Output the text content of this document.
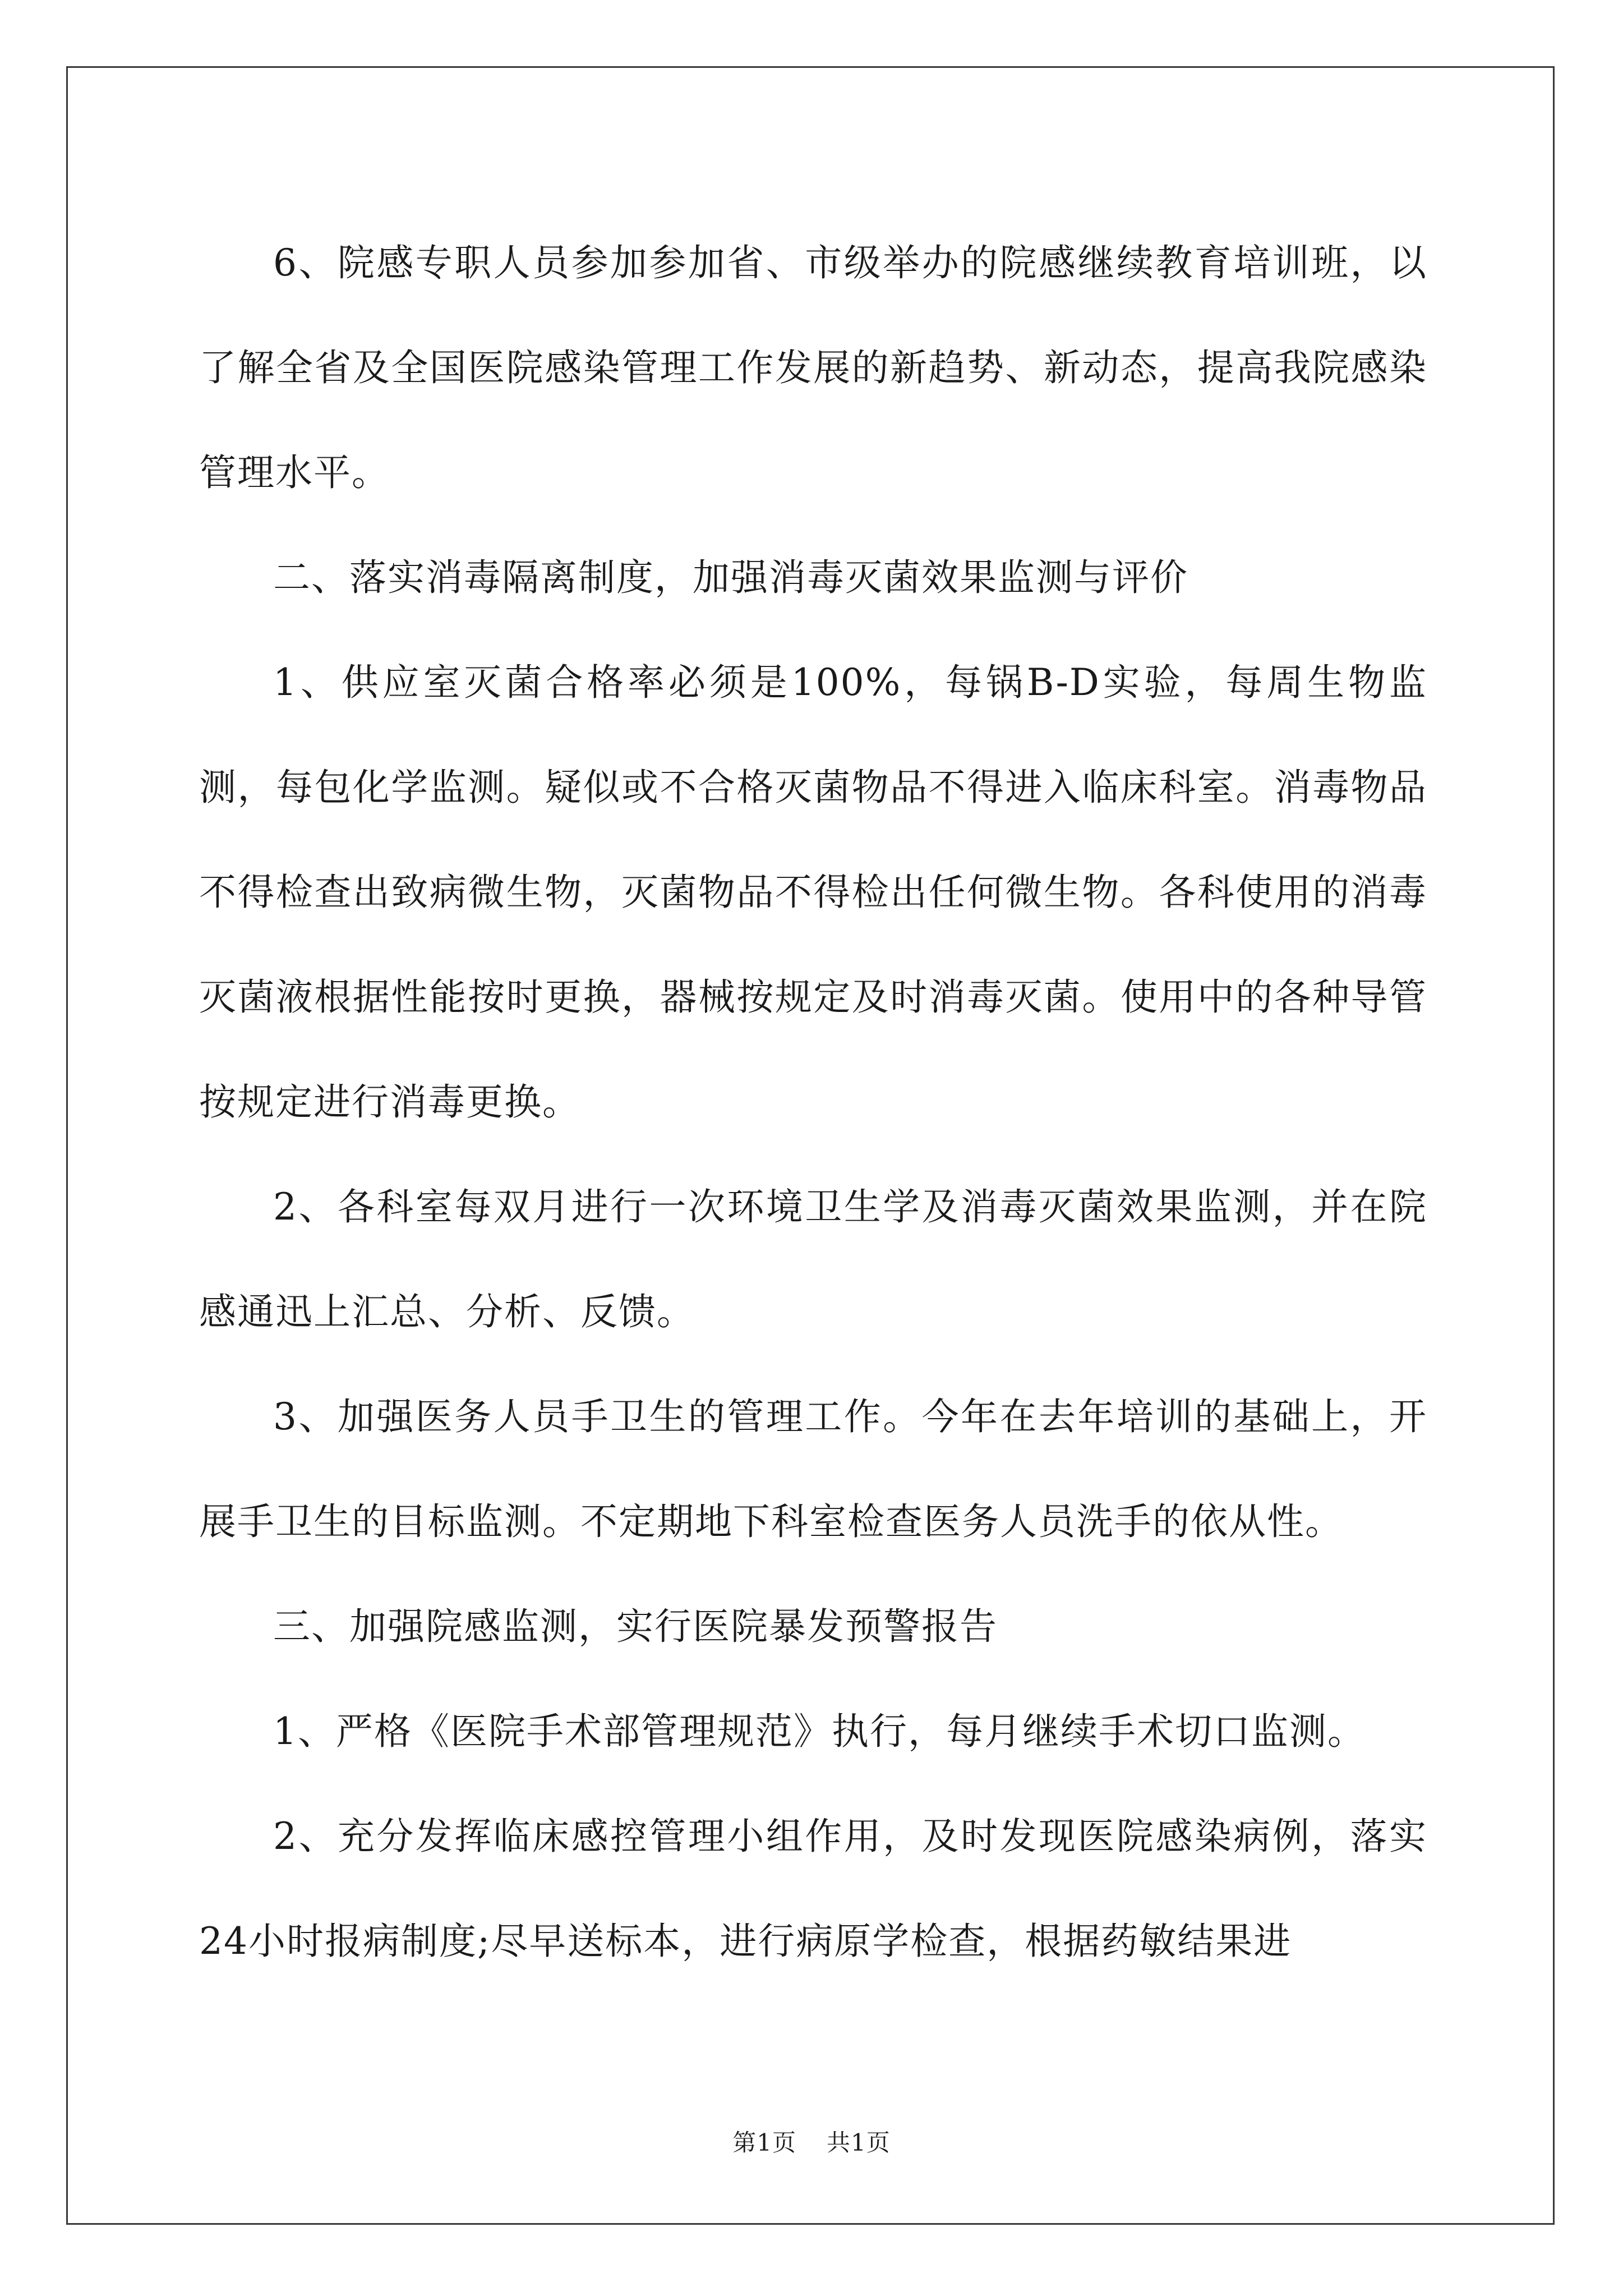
6、院感专职人员参加参加省、市级举办的院感继续教育培训班，以了解全省及全国医院感染管理工作发展的新趋势、新动态，提高我院感染管理水平。

二、落实消毒隔离制度，加强消毒灭菌效果监测与评价

1、供应室灭菌合格率必须是100%，每锅B-D实验，每周生物监测，每包化学监测。疑似或不合格灭菌物品不得进入临床科室。消毒物品不得检查出致病微生物，灭菌物品不得检出任何微生物。各科使用的消毒灭菌液根据性能按时更换，器械按规定及时消毒灭菌。使用中的各种导管按规定进行消毒更换。

2、各科室每双月进行一次环境卫生学及消毒灭菌效果监测，并在院感通迅上汇总、分析、反馈。

3、加强医务人员手卫生的管理工作。今年在去年培训的基础上，开展手卫生的目标监测。不定期地下科室检查医务人员洗手的依从性。

三、加强院感监测，实行医院暴发预警报告

1、严格《医院手术部管理规范》执行，每月继续手术切口监测。

2、充分发挥临床感控管理小组作用，及时发现医院感染病例，落实24小时报病制度;尽早送标本，进行病原学检查，根据药敏结果进

第1页 共1页
